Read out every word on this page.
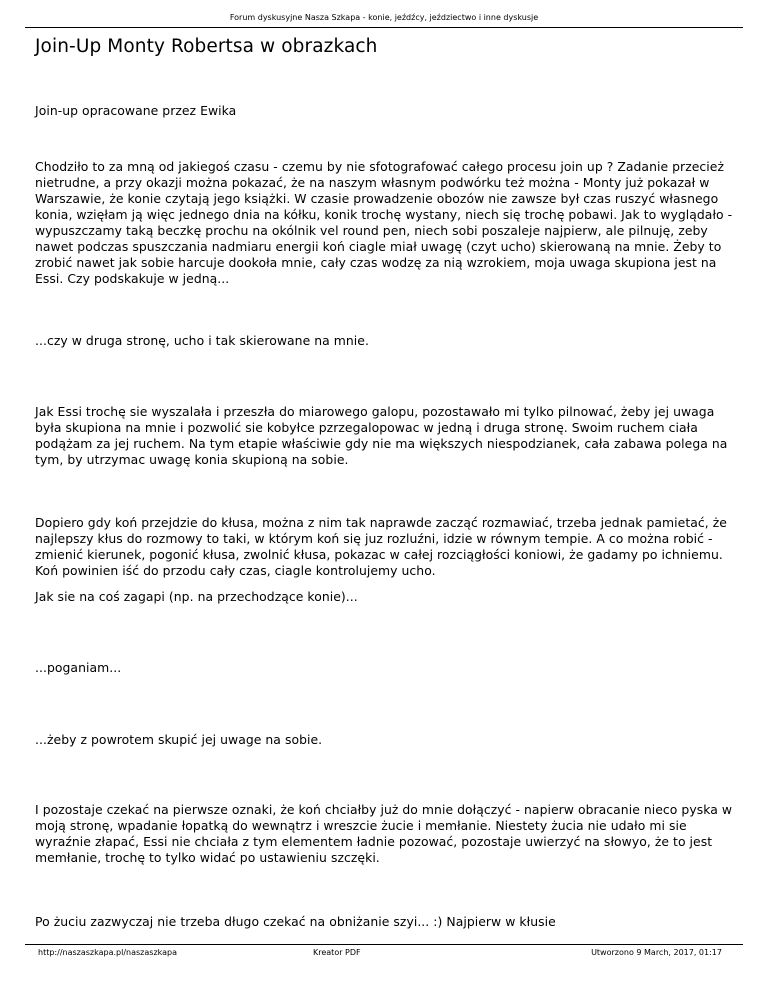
Forum dyskusyjne Nasza Szkapa - konie, jeźdźcy, jeździectwo i inne dyskusje
Join-Up Monty Robertsa w obrazkach

Join-up opracowane przez Ewika

Chodziło to za mną od jakiegoś czasu - czemu by nie sfotografować całego procesu join up ? Zadanie przecież nietrudne, a przy okazji można pokazać, że na naszym własnym podwórku też można - Monty już pokazał w Warszawie, że konie czytają jego książki. W czasie prowadzenie obozów nie zawsze był czas ruszyć własnego konia, wzięłam ją więc jednego dnia na kółku, konik trochę wystany, niech się trochę pobawi. Jak to wyglądało - wypuszczamy taką beczkę prochu na okólnik vel round pen, niech sobi poszaleje najpierw, ale pilnuję, zeby nawet podczas spuszczania nadmiaru energii koń ciagle miał uwagę (czyt ucho) skierowaną na mnie. Żeby to zrobić nawet jak sobie harcuje dookoła mnie, cały czas wodzę za nią wzrokiem, moja uwaga skupiona jest na Essi. Czy podskakuje w jedną...

...czy w druga stronę, ucho i tak skierowane na mnie.

Jak Essi trochę sie wyszalała i przeszła do miarowego galopu, pozostawało mi tylko pilnować, żeby jej uwaga była skupiona na mnie i pozwolić sie kobyłce pzrzegalopowac w jedną i druga stronę. Swoim ruchem ciała podążam za jej ruchem. Na tym etapie właściwie gdy nie ma większych niespodzianek, cała zabawa polega na tym, by utrzymac uwagę konia skupioną na sobie.

Dopiero gdy koń przejdzie do kłusa, można z nim tak naprawde zacząć rozmawiać, trzeba jednak pamietać, że najlepszy kłus do rozmowy to taki, w którym koń się juz rozluźni, idzie w równym tempie. A co można robić - zmienić kierunek, pogonić kłusa, zwolnić kłusa, pokazac w całej rozciągłości koniowi, że gadamy po ichniemu. Koń powinien iść do przodu cały czas, ciagle kontrolujemy ucho.

Jak sie na coś zagapi (np. na przechodzące konie)...

...poganiam...

...żeby z powrotem skupić jej uwage na sobie.

I pozostaje czekać na pierwsze oznaki, że koń chciałby już do mnie dołączyć - napierw obracanie nieco pyska w moją stronę, wpadanie łopatką do wewnątrz i wreszcie żucie i memłanie. Niestety żucia nie udało mi sie wyraźnie złapać, Essi nie chciała z tym elementem ładnie pozować, pozostaje uwierzyć na słowyo, że to jest memłanie, trochę to tylko widać po ustawieniu szczęki.

Po żuciu zazwyczaj nie trzeba długo czekać na obniżanie szyi... :) Najpierw w kłusie

http://naszaszkapa.pl/naszaszkapa	Kreator PDF	Utworzono 9 March, 2017, 01:17
